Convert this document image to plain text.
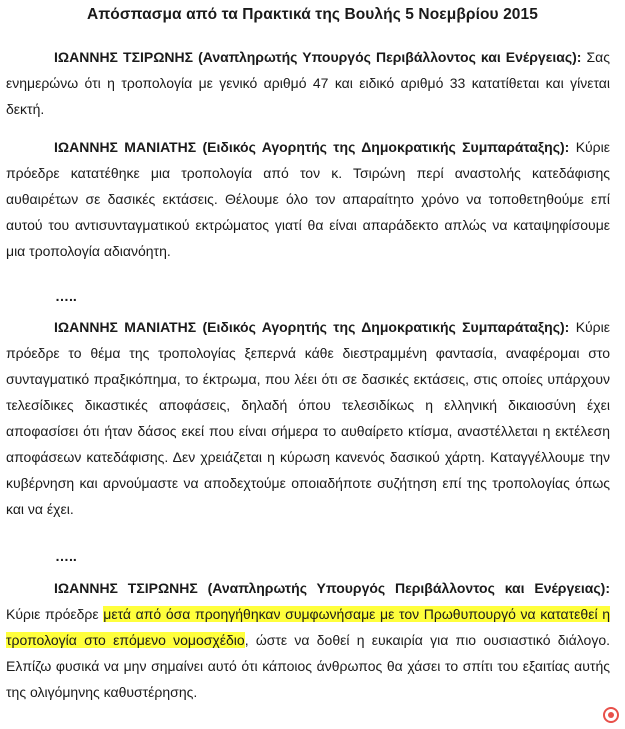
Απόσπασμα από τα Πρακτικά της Βουλής 5 Νοεμβρίου 2015
ΙΩΑΝΝΗΣ ΤΣΙΡΩΝΗΣ (Αναπληρωτής Υπουργός Περιβάλλοντος και Ενέργειας): Σας ενημερώνω ότι η τροπολογία με γενικό αριθμό 47 και ειδικό αριθμό 33 κατατίθεται και γίνεται δεκτή.
ΙΩΑΝΝΗΣ ΜΑΝΙΑΤΗΣ (Ειδικός Αγορητής της Δημοκρατικής Συμπαράταξης): Κύριε πρόεδρε κατατέθηκε μια τροπολογία από τον κ. Τσιρώνη περί αναστολής κατεδάφισης αυθαιρέτων σε δασικές εκτάσεις. Θέλουμε όλο τον απαραίτητο χρόνο να τοποθετηθούμε επί αυτού του αντισυνταγματικού εκτρώματος γιατί θα είναι απαράδεκτο απλώς να καταψηφίσουμε μια τροπολογία αδιανόητη.
…..
ΙΩΑΝΝΗΣ ΜΑΝΙΑΤΗΣ (Ειδικός Αγορητής της Δημοκρατικής Συμπαράταξης): Κύριε πρόεδρε το θέμα της τροπολογίας ξεπερνά κάθε διεστραμμένη φαντασία, αναφέρομαι στο συνταγματικό πραξικόπημα, το έκτρωμα, που λέει ότι σε δασικές εκτάσεις, στις οποίες υπάρχουν τελεσίδικες δικαστικές αποφάσεις, δηλαδή όπου τελεσιδίκως η ελληνική δικαιοσύνη έχει αποφασίσει ότι ήταν δάσος εκεί που είναι σήμερα το αυθαίρετο κτίσμα, αναστέλλεται η εκτέλεση αποφάσεων κατεδάφισης. Δεν χρειάζεται η κύρωση κανενός δασικού χάρτη. Καταγγέλλουμε την κυβέρνηση και αρνούμαστε να αποδεχτούμε οποιαδήποτε συζήτηση επί της τροπολογίας όπως και να έχει.
…..
ΙΩΑΝΝΗΣ ΤΣΙΡΩΝΗΣ (Αναπληρωτής Υπουργός Περιβάλλοντος και Ενέργειας): Κύριε πρόεδρε μετά από όσα προηγήθηκαν συμφωνήσαμε με τον Πρωθυπουργό να κατατεθεί η τροπολογία στο επόμενο νομοσχέδιο, ώστε να δοθεί η ευκαιρία για πιο ουσιαστικό διάλογο. Ελπίζω φυσικά να μην σημαίνει αυτό ότι κάποιος άνθρωπος θα χάσει το σπίτι του εξαιτίας αυτής της ολιγόμηνης καθυστέρησης.
